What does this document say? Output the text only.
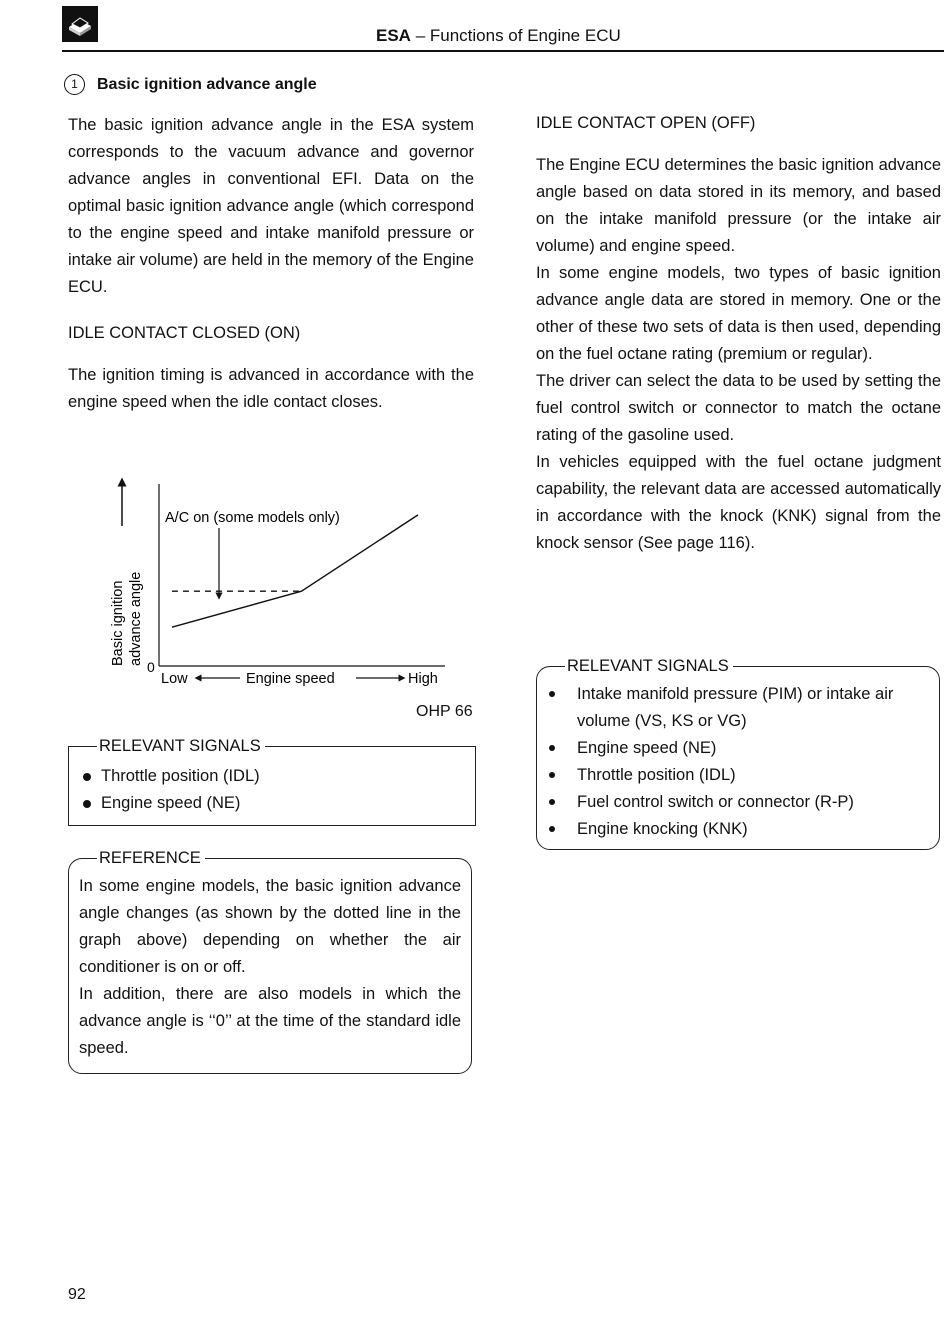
ESA – Functions of Engine ECU
1	Basic ignition advance angle

The basic ignition advance angle in the ESA system corresponds to the vacuum advance and governor advance angles in conventional EFI. Data on the optimal basic ignition advance angle (which correspond to the engine speed and intake manifold pressure or intake air volume) are held in the memory of the Engine ECU.

IDLE CONTACT CLOSED (ON)

The ignition timing is advanced in accordance with the engine speed when the idle contact closes.

Basic ignition advance angle
0
Low	Engine speed	High
A/C on (some models only)
OHP 66
RELEVANT SIGNALS
Throttle position (IDL)
Engine speed (NE)
REFERENCE

In some engine models, the basic ignition advance angle changes (as shown by the dotted line in the graph above) depending on whether the air conditioner is on or off.

In addition, there are also models in which the advance angle is ‘‘0’’ at the time of the standard idle speed.

IDLE CONTACT OPEN (OFF)

The Engine ECU determines the basic ignition advance angle based on data stored in its memory, and based on the intake manifold pressure (or the intake air volume) and engine speed.

In some engine models, two types of basic ignition advance angle data are stored in memory. One or the other of these two sets of data is then used, depending on the fuel octane rating (premium or regular).

The driver can select the data to be used by setting the fuel control switch or connector to match the octane rating of the gasoline used.

In vehicles equipped with the fuel octane judgment capability, the relevant data are accessed automatically in accordance with the knock (KNK) signal from the knock sensor (See page 116).

RELEVANT SIGNALS
Intake manifold pressure (PIM) or intake air volume (VS, KS or VG)
Engine speed (NE)
Throttle position (IDL)
Fuel control switch or connector (R-P)
Engine knocking (KNK)
92
